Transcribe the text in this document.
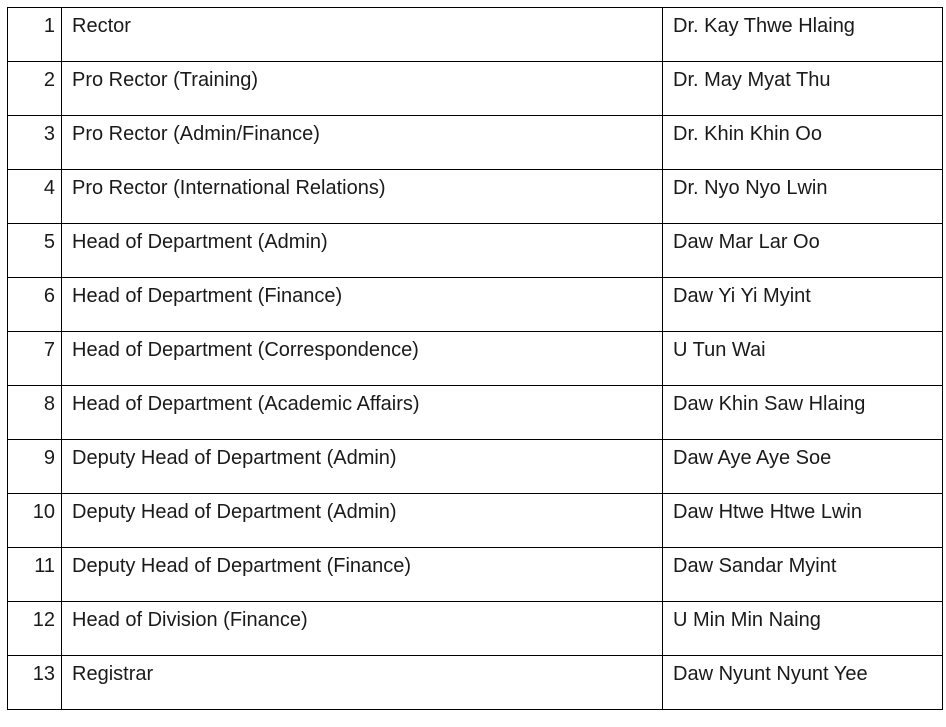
1	Rector	Dr. Kay Thwe Hlaing
2	Pro Rector (Training)	Dr. May Myat Thu
3	Pro Rector (Admin/Finance)	Dr. Khin Khin Oo
4	Pro Rector (International Relations)	Dr. Nyo Nyo Lwin
5	Head of Department (Admin)	Daw Mar Lar Oo
6	Head of Department (Finance)	Daw Yi Yi Myint
7	Head of Department (Correspondence)	U Tun Wai
8	Head of Department (Academic Affairs)	Daw Khin Saw Hlaing
9	Deputy Head of Department (Admin)	Daw Aye Aye Soe
10	Deputy Head of Department (Admin)	Daw Htwe Htwe Lwin
11	Deputy Head of Department (Finance)	Daw Sandar Myint
12	Head of Division (Finance)	U Min Min Naing
13	Registrar	Daw Nyunt Nyunt Yee
